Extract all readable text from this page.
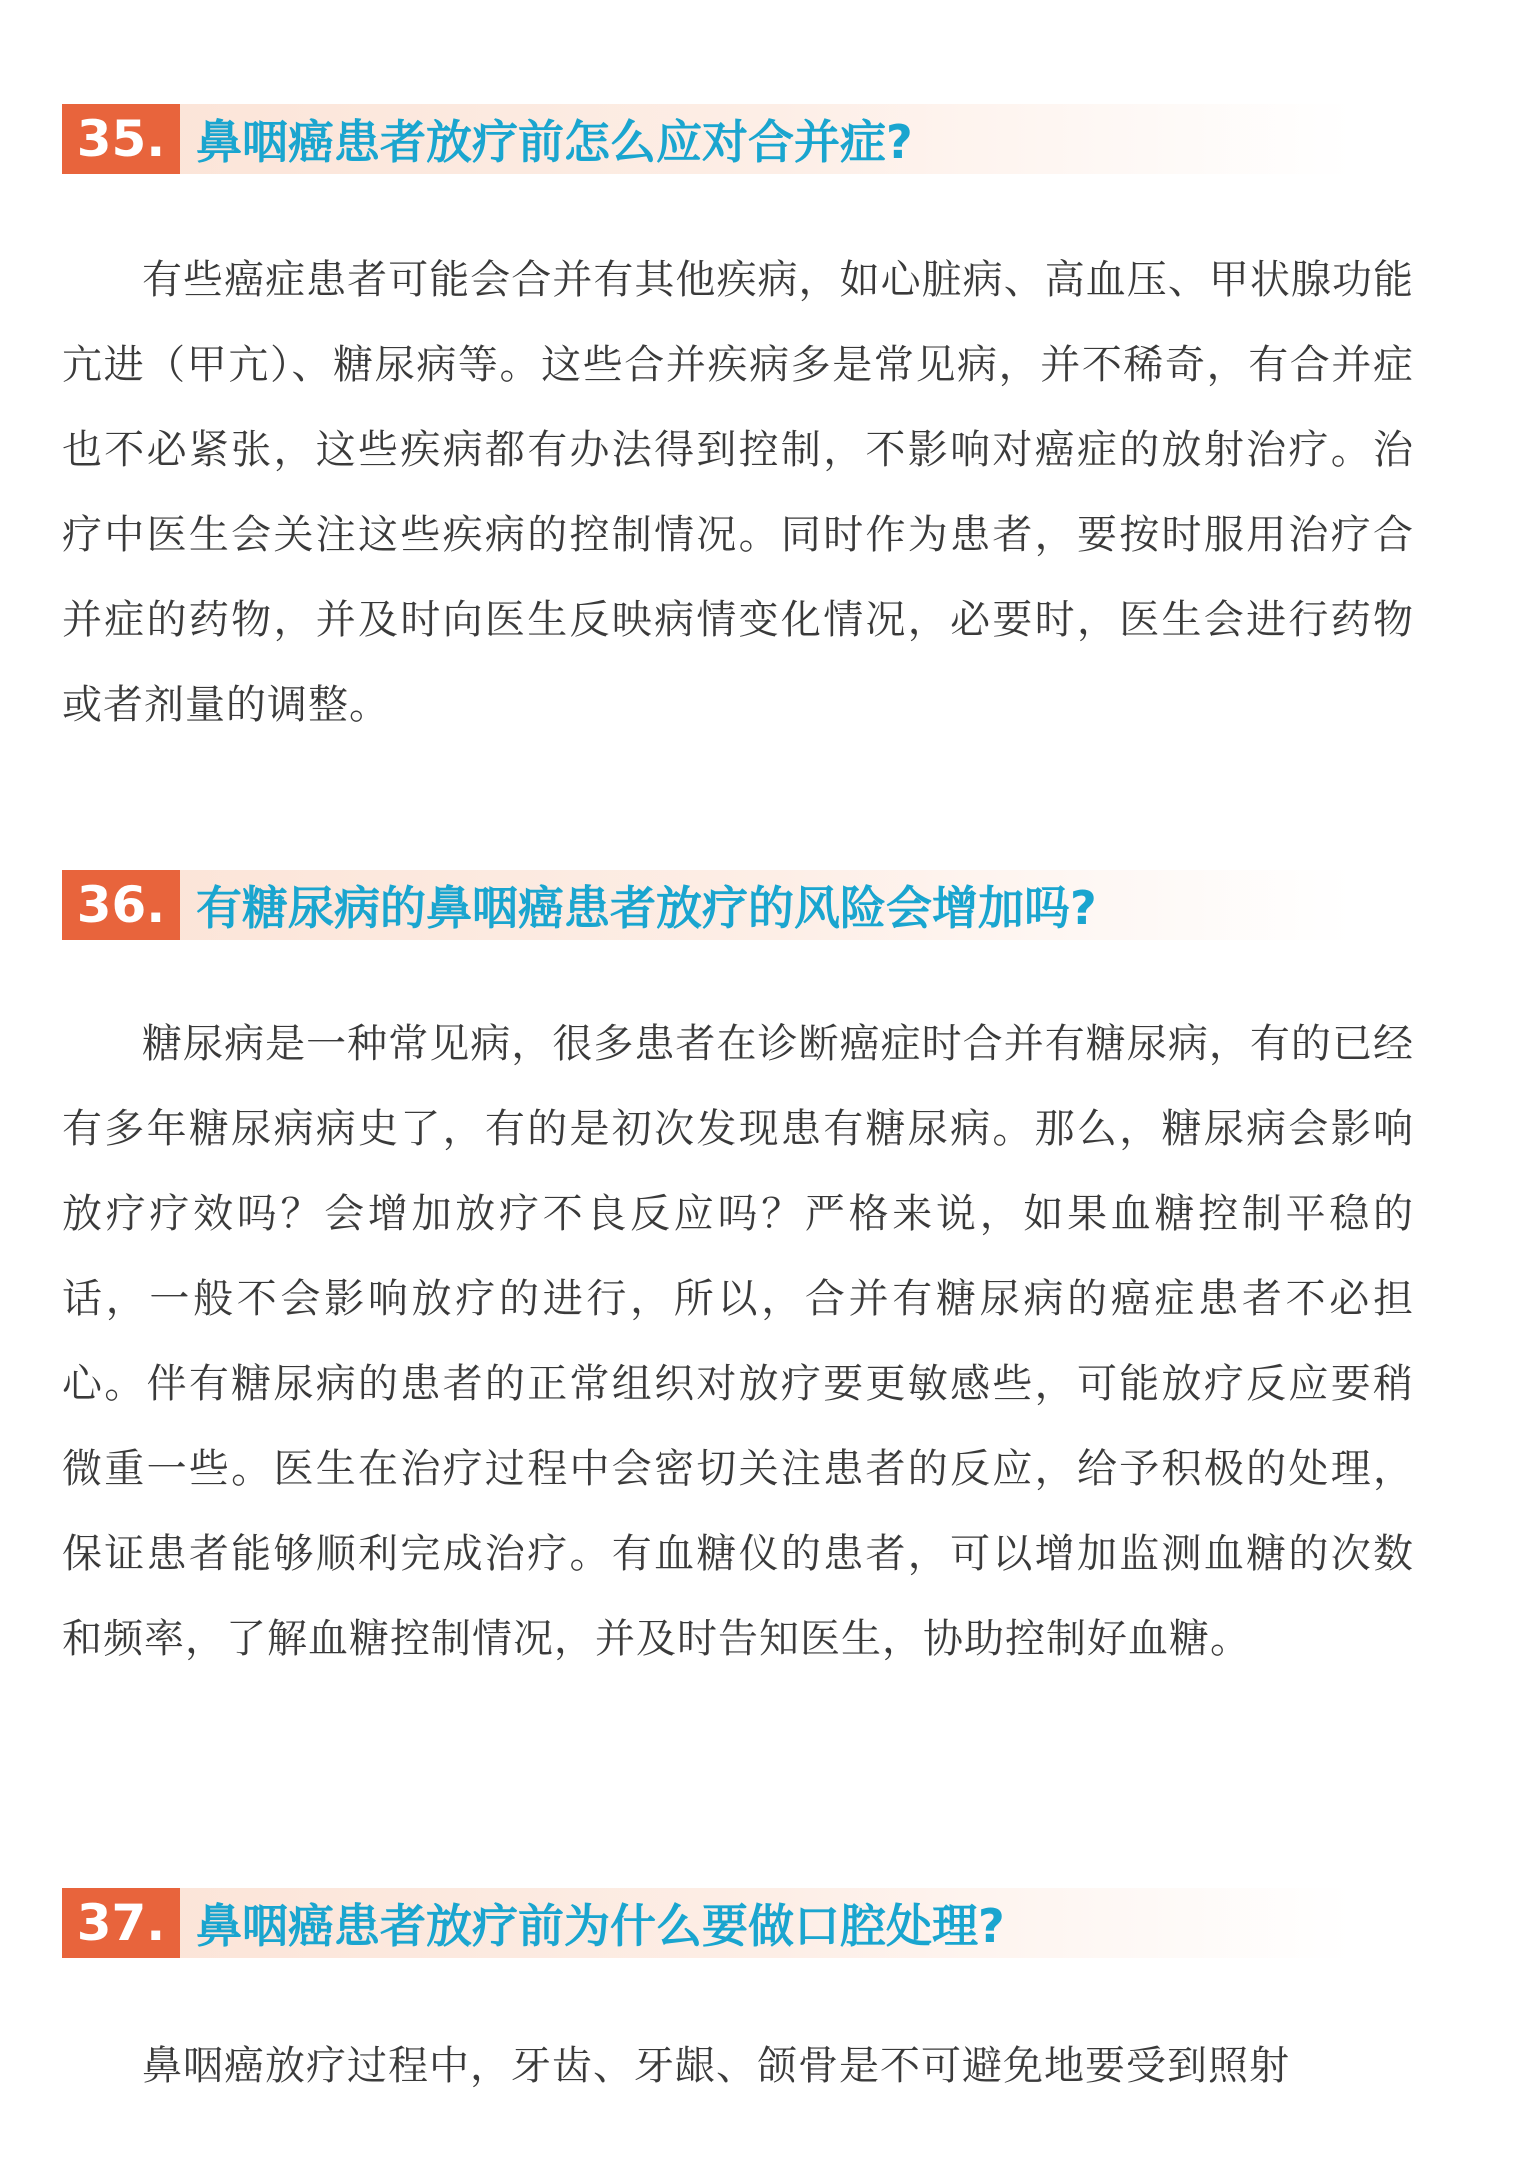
35. 鼻咽癌患者放疗前怎么应对合并症?

有些癌症患者可能会合并有其他疾病，如心脏病、高血压、甲状腺功能亢进（甲亢）、糖尿病等。这些合并疾病多是常见病，并不稀奇，有合并症也不必紧张，这些疾病都有办法得到控制，不影响对癌症的放射治疗。治疗中医生会关注这些疾病的控制情况。同时作为患者，要按时服用治疗合并症的药物，并及时向医生反映病情变化情况，必要时，医生会进行药物或者剂量的调整。

36. 有糖尿病的鼻咽癌患者放疗的风险会增加吗?

糖尿病是一种常见病，很多患者在诊断癌症时合并有糖尿病，有的已经有多年糖尿病病史了，有的是初次发现患有糖尿病。那么，糖尿病会影响放疗疗效吗？会增加放疗不良反应吗？严格来说，如果血糖控制平稳的话，一般不会影响放疗的进行，所以，合并有糖尿病的癌症患者不必担心。伴有糖尿病的患者的正常组织对放疗要更敏感些，可能放疗反应要稍微重一些。医生在治疗过程中会密切关注患者的反应，给予积极的处理，保证患者能够顺利完成治疗。有血糖仪的患者，可以增加监测血糖的次数和频率，了解血糖控制情况，并及时告知医生，协助控制好血糖。

37. 鼻咽癌患者放疗前为什么要做口腔处理?

鼻咽癌放疗过程中，牙齿、牙龈、颌骨是不可避免地要受到照射
